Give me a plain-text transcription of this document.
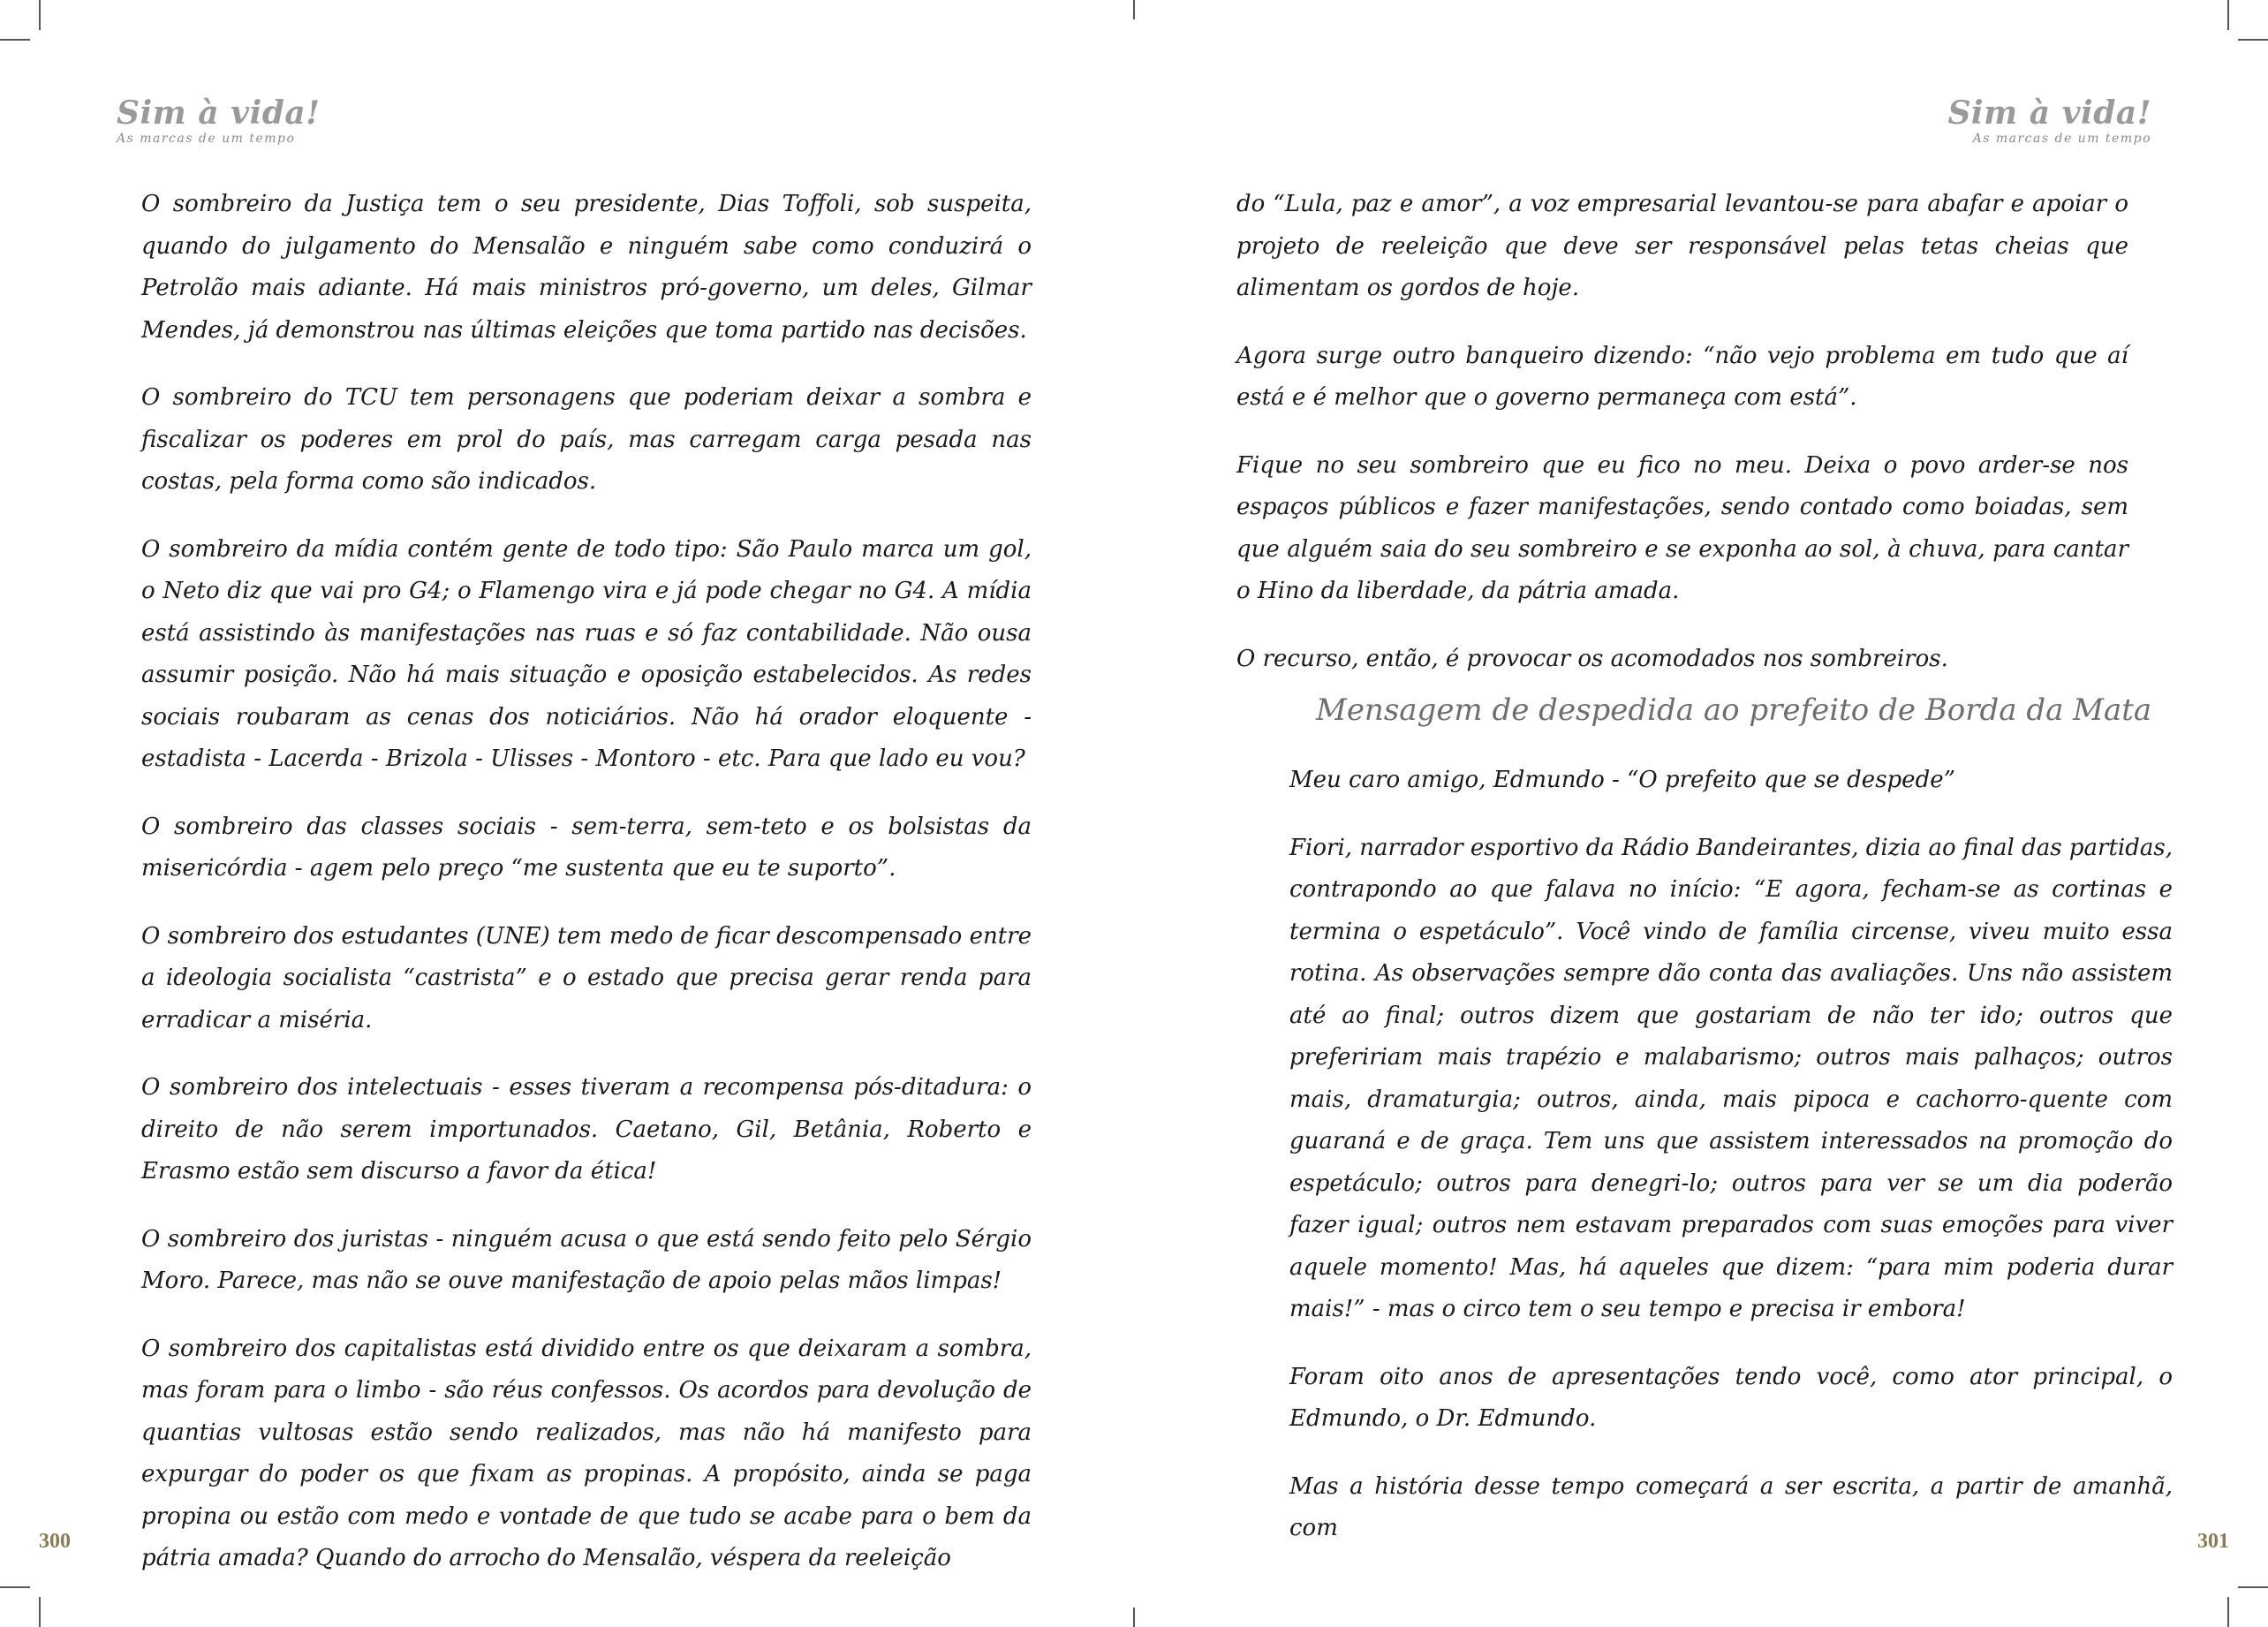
Sim à vida!
As marcas de um tempo

O sombreiro da Justiça tem o seu presidente, Dias Toffoli, sob suspeita, quando do julgamento do Mensalão e ninguém sabe como conduzirá o Petrolão mais adiante. Há mais ministros pró-governo, um deles, Gilmar Mendes, já demonstrou nas últimas eleições que toma partido nas decisões.

O sombreiro do TCU tem personagens que poderiam deixar a sombra e fiscalizar os poderes em prol do país, mas carregam carga pesada nas costas, pela forma como são indicados.

O sombreiro da mídia contém gente de todo tipo: São Paulo marca um gol, o Neto diz que vai pro G4; o Flamengo vira e já pode chegar no G4. A mídia está assistindo às manifestações nas ruas e só faz contabilidade. Não ousa assumir posição. Não há mais situação e oposição estabelecidos. As redes sociais roubaram as cenas dos noticiários. Não há orador eloquente - estadista - Lacerda - Brizola - Ulisses - Montoro - etc. Para que lado eu vou?

O sombreiro das classes sociais - sem-terra, sem-teto e os bolsistas da misericórdia - agem pelo preço “me sustenta que eu te suporto”.

O sombreiro dos estudantes (UNE) tem medo de ficar descompensado entre a ideologia socialista “castrista” e o estado que precisa gerar renda para erradicar a miséria.

O sombreiro dos intelectuais - esses tiveram a recompensa pós-ditadura: o direito de não serem importunados. Caetano, Gil, Betânia, Roberto e Erasmo estão sem discurso a favor da ética!

O sombreiro dos juristas - ninguém acusa o que está sendo feito pelo Sérgio Moro. Parece, mas não se ouve manifestação de apoio pelas mãos limpas!

O sombreiro dos capitalistas está dividido entre os que deixaram a sombra, mas foram para o limbo - são réus confessos. Os acordos para devolução de quantias vultosas estão sendo realizados, mas não há manifesto para expurgar do poder os que fixam as propinas. A propósito, ainda se paga propina ou estão com medo e vontade de que tudo se acabe para o bem da pátria amada? Quando do arrocho do Mensalão, véspera da reeleição

300
Sim à vida!
As marcas de um tempo

do “Lula, paz e amor”, a voz empresarial levantou-se para abafar e apoiar o projeto de reeleição que deve ser responsável pelas tetas cheias que alimentam os gordos de hoje.

Agora surge outro banqueiro dizendo: “não vejo problema em tudo que aí está e é melhor que o governo permaneça com está”.

Fique no seu sombreiro que eu fico no meu. Deixa o povo arder-se nos espaços públicos e fazer manifestações, sendo contado como boiadas, sem que alguém saia do seu sombreiro e se exponha ao sol, à chuva, para cantar o Hino da liberdade, da pátria amada.

O recurso, então, é provocar os acomodados nos sombreiros.

Mensagem de despedida ao prefeito de Borda da Mata

Meu caro amigo, Edmundo - “O prefeito que se despede”

Fiori, narrador esportivo da Rádio Bandeirantes, dizia ao final das partidas, contrapondo ao que falava no início: “E agora, fecham-se as cortinas e termina o espetáculo”. Você vindo de família circense, viveu muito essa rotina. As observações sempre dão conta das avaliações. Uns não assistem até ao final; outros dizem que gostariam de não ter ido; outros que prefeririam mais trapézio e malabarismo; outros mais palhaços; outros mais, dramaturgia; outros, ainda, mais pipoca e cachorro-quente com guaraná e de graça. Tem uns que assistem interessados na promoção do espetáculo; outros para denegri-lo; outros para ver se um dia poderão fazer igual; outros nem estavam preparados com suas emoções para viver aquele momento! Mas, há aqueles que dizem: “para mim poderia durar mais!” - mas o circo tem o seu tempo e precisa ir embora!

Foram oito anos de apresentações tendo você, como ator principal, o Edmundo, o Dr. Edmundo.

Mas a história desse tempo começará a ser escrita, a partir de amanhã, com	301
